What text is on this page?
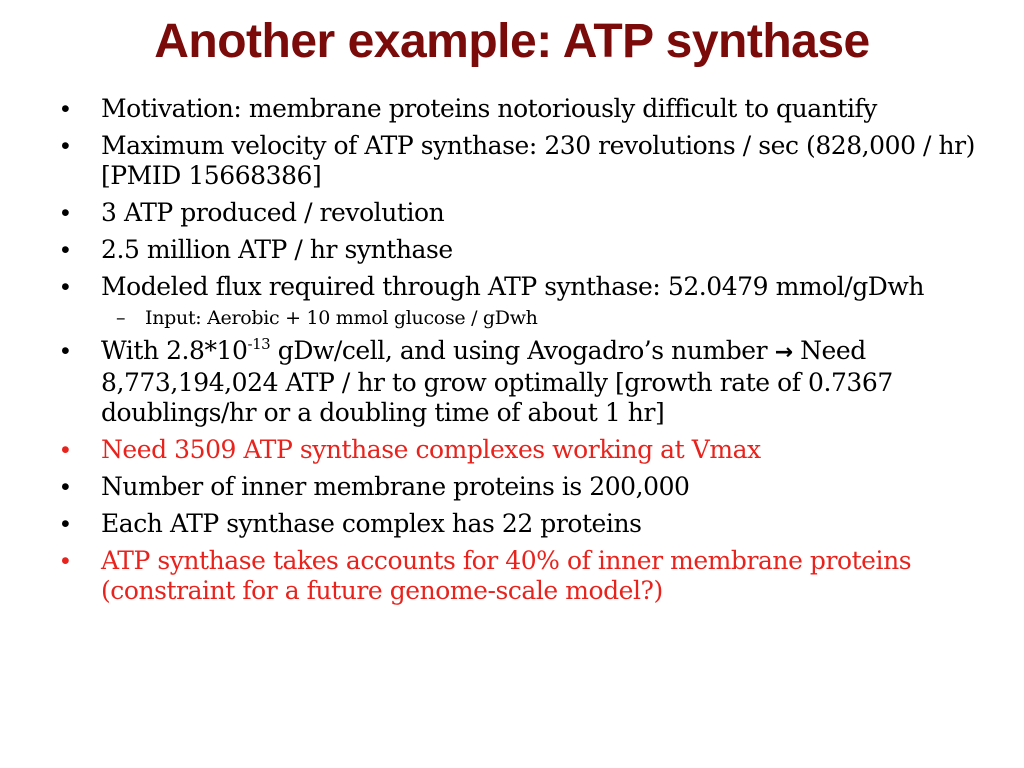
Another example: ATP synthase
• Motivation: membrane proteins notoriously difficult to quantify
• Maximum velocity of ATP synthase: 230 revolutions / sec (828,000 / hr) [PMID 15668386]
• 3 ATP produced / revolution
• 2.5 million ATP / hr synthase
• Modeled flux required through ATP synthase: 52.0479 mmol/gDwh
– Input: Aerobic + 10 mmol glucose / gDwh
• With $2.8*10^{-13}$ gDw/cell, and using Avogadro’s number → Need 8,773,194,024 ATP / hr to grow optimally [growth rate of 0.7367 doublings/hr or a doubling time of about 1 hr]
• Need 3509 ATP synthase complexes working at Vmax
• Number of inner membrane proteins is 200,000
• Each ATP synthase complex has 22 proteins
• ATP synthase takes accounts for 40% of inner membrane proteins (constraint for a future genome-scale model?)
